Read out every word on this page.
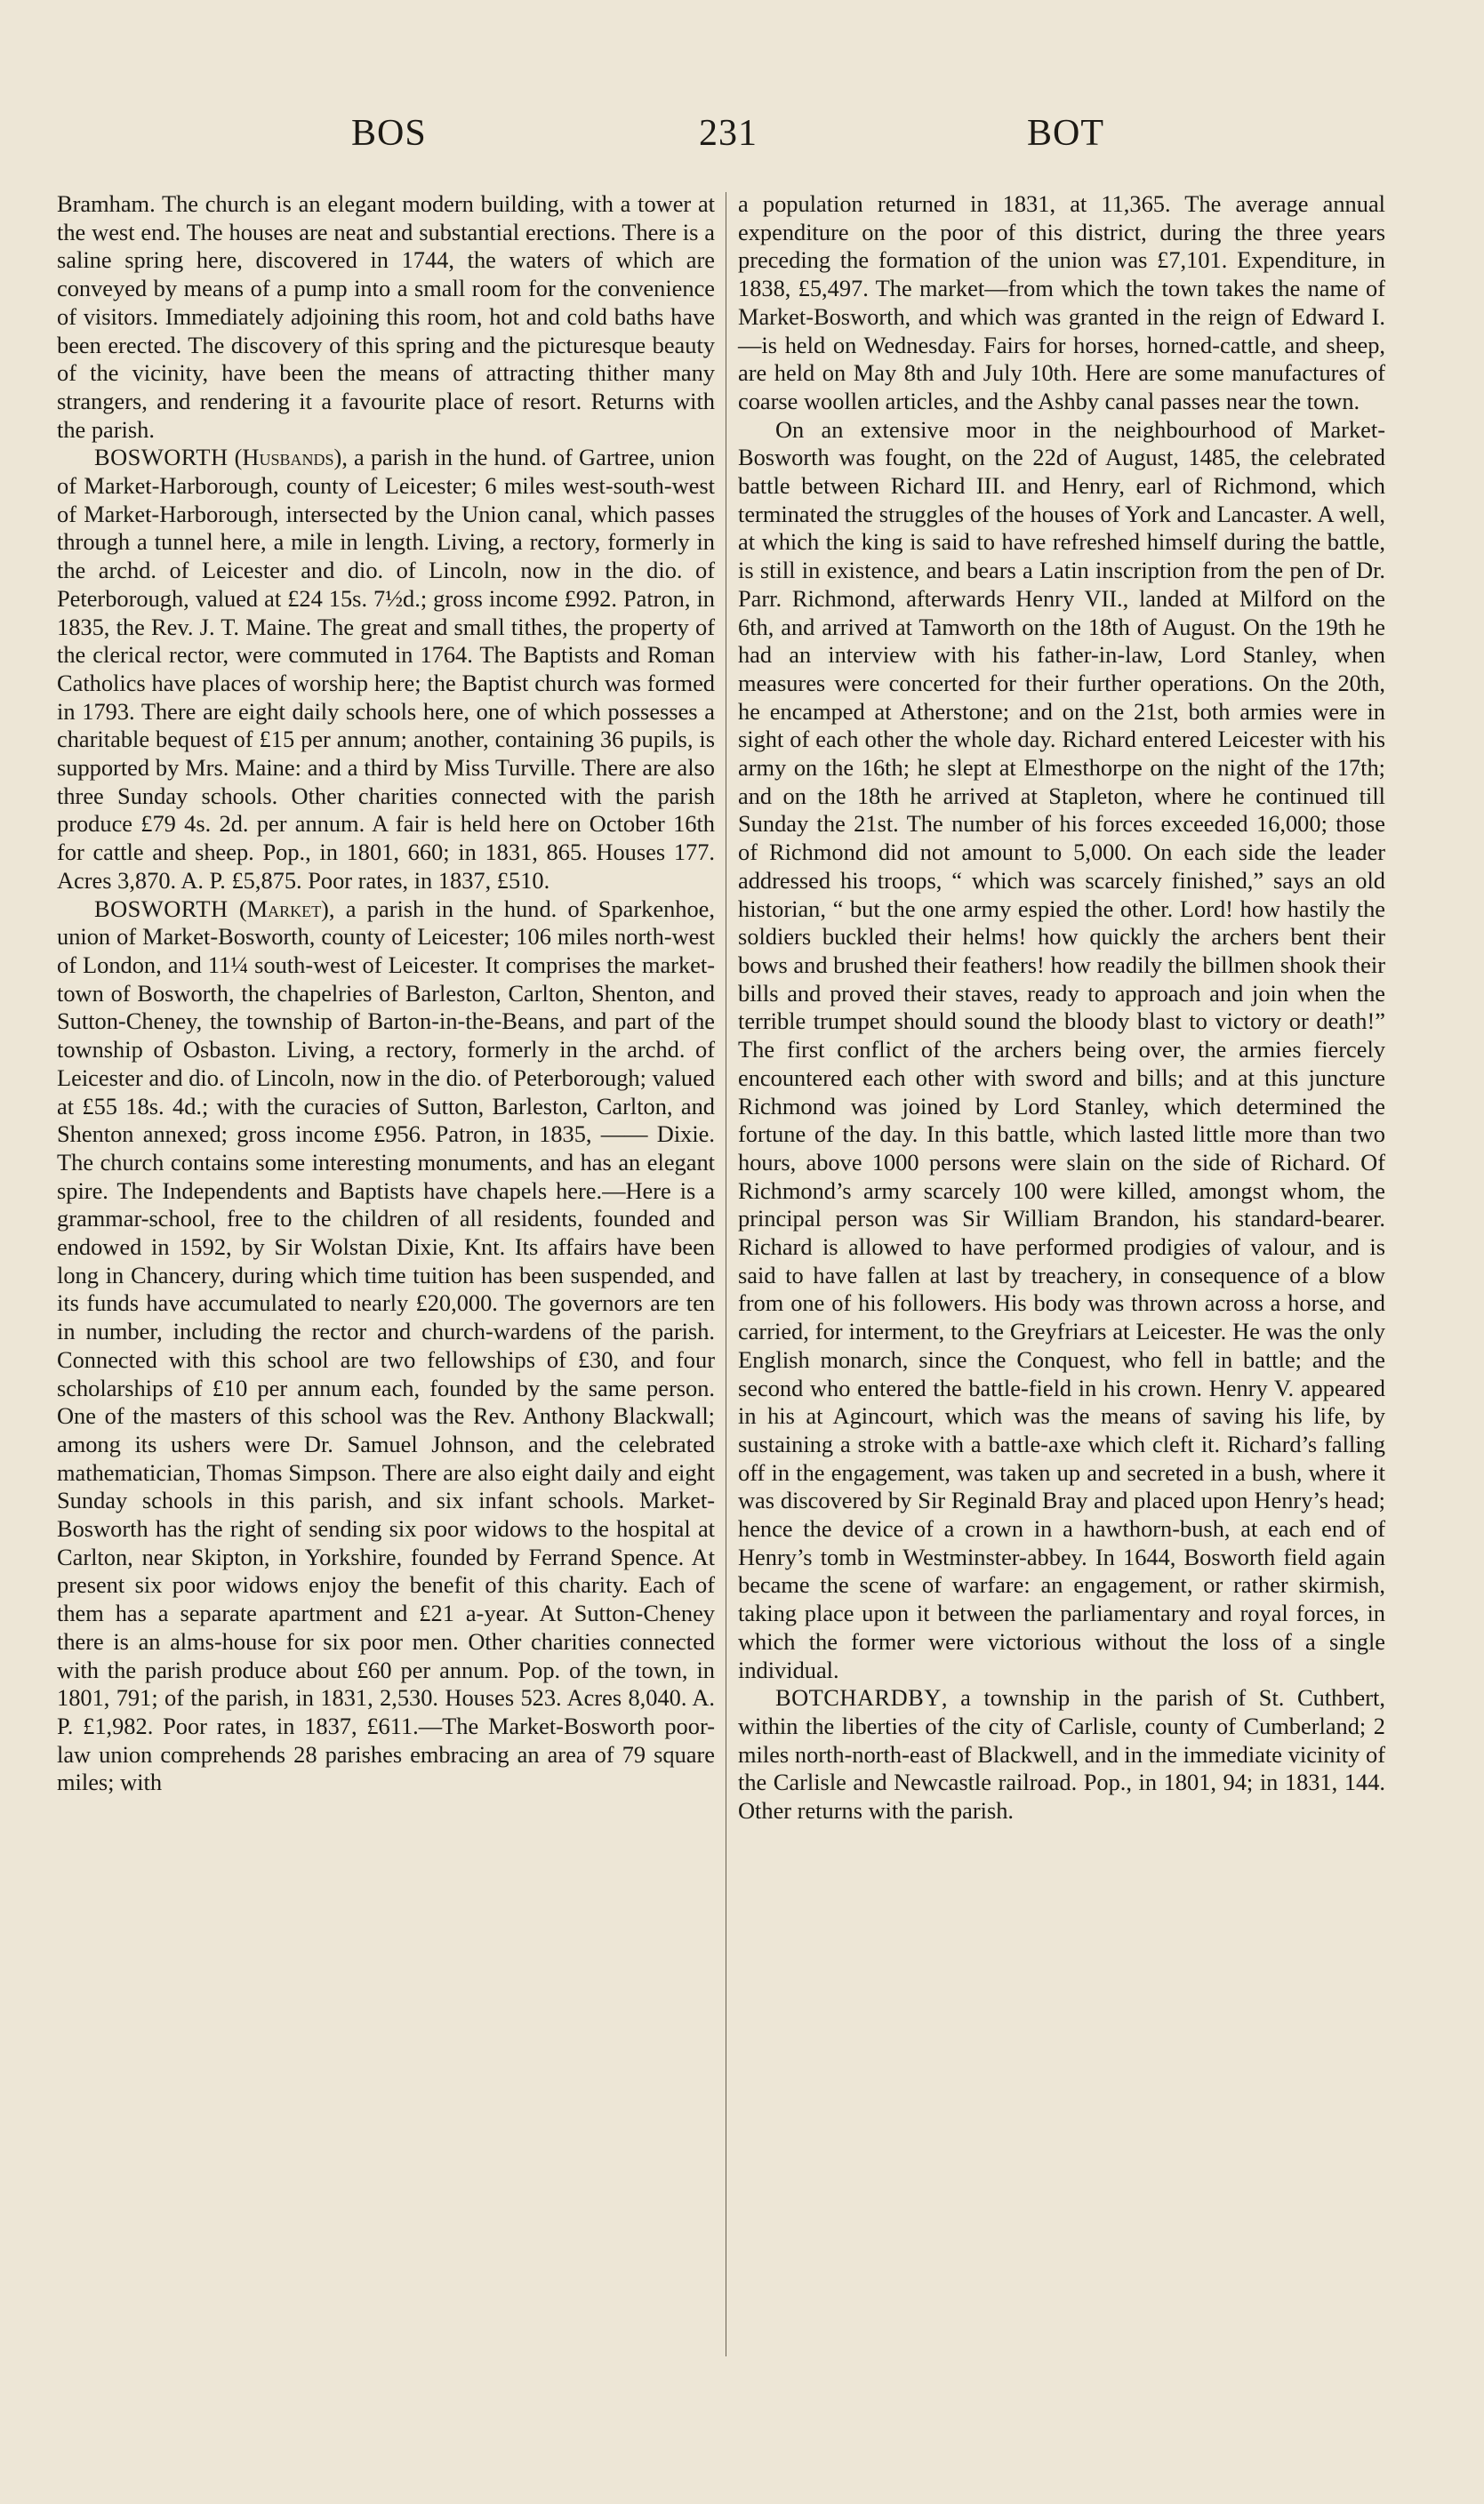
BOS	231	BOT

Bramham. The church is an elegant modern building, with a tower at the west end. The houses are neat and substantial erections. There is a saline spring here, discovered in 1744, the waters of which are conveyed by means of a pump into a small room for the convenience of visitors. Immediately adjoining this room, hot and cold baths have been erected. The discovery of this spring and the picturesque beauty of the vicinity, have been the means of attracting thither many strangers, and rendering it a favourite place of resort. Returns with the parish.

BOSWORTH (Husbands), a parish in the hund. of Gartree, union of Market-Harborough, county of Leicester; 6 miles west-south-west of Market-Harborough, intersected by the Union canal, which passes through a tunnel here, a mile in length. Living, a rectory, formerly in the archd. of Leicester and dio. of Lincoln, now in the dio. of Peterborough, valued at £24 15s. 7½d.; gross income £992. Patron, in 1835, the Rev. J. T. Maine. The great and small tithes, the property of the clerical rector, were commuted in 1764. The Baptists and Roman Catholics have places of worship here; the Baptist church was formed in 1793. There are eight daily schools here, one of which possesses a charitable bequest of £15 per annum; another, containing 36 pupils, is supported by Mrs. Maine: and a third by Miss Turville. There are also three Sunday schools. Other charities connected with the parish produce £79 4s. 2d. per annum. A fair is held here on October 16th for cattle and sheep. Pop., in 1801, 660; in 1831, 865. Houses 177. Acres 3,870. A. P. £5,875. Poor rates, in 1837, £510.

BOSWORTH (Market), a parish in the hund. of Sparkenhoe, union of Market-Bosworth, county of Leicester; 106 miles north-west of London, and 11¼ south-west of Leicester. It comprises the market-town of Bosworth, the chapelries of Barleston, Carlton, Shenton, and Sutton-Cheney, the township of Barton-in-the-Beans, and part of the township of Osbaston. Living, a rectory, formerly in the archd. of Leicester and dio. of Lincoln, now in the dio. of Peterborough; valued at £55 18s. 4d.; with the curacies of Sutton, Barleston, Carlton, and Shenton annexed; gross income £956. Patron, in 1835, ―― Dixie. The church contains some interesting monuments, and has an elegant spire. The Independents and Baptists have chapels here.—Here is a grammar-school, free to the children of all residents, founded and endowed in 1592, by Sir Wolstan Dixie, Knt. Its affairs have been long in Chancery, during which time tuition has been suspended, and its funds have accumulated to nearly £20,000. The governors are ten in number, including the rector and church-wardens of the parish. Connected with this school are two fellowships of £30, and four scholarships of £10 per annum each, founded by the same person. One of the masters of this school was the Rev. Anthony Blackwall; among its ushers were Dr. Samuel Johnson, and the celebrated mathematician, Thomas Simpson. There are also eight daily and eight Sunday schools in this parish, and six infant schools. Market-Bosworth has the right of sending six poor widows to the hospital at Carlton, near Skipton, in Yorkshire, founded by Ferrand Spence. At present six poor widows enjoy the benefit of this charity. Each of them has a separate apartment and £21 a-year. At Sutton-Cheney there is an alms-house for six poor men. Other charities connected with the parish produce about £60 per annum. Pop. of the town, in 1801, 791; of the parish, in 1831, 2,530. Houses 523. Acres 8,040. A. P. £1,982. Poor rates, in 1837, £611.—The Market-Bosworth poor-law union comprehends 28 parishes embracing an area of 79 square miles; with

a population returned in 1831, at 11,365. The average annual expenditure on the poor of this district, during the three years preceding the formation of the union was £7,101. Expenditure, in 1838, £5,497. The market—from which the town takes the name of Market-Bosworth, and which was granted in the reign of Edward I.—is held on Wednesday. Fairs for horses, horned-cattle, and sheep, are held on May 8th and July 10th. Here are some manufactures of coarse woollen articles, and the Ashby canal passes near the town.

On an extensive moor in the neighbourhood of Market-Bosworth was fought, on the 22d of August, 1485, the celebrated battle between Richard III. and Henry, earl of Richmond, which terminated the struggles of the houses of York and Lancaster. A well, at which the king is said to have refreshed himself during the battle, is still in existence, and bears a Latin inscription from the pen of Dr. Parr. Richmond, afterwards Henry VII., landed at Milford on the 6th, and arrived at Tamworth on the 18th of August. On the 19th he had an interview with his father-in-law, Lord Stanley, when measures were concerted for their further operations. On the 20th, he encamped at Atherstone; and on the 21st, both armies were in sight of each other the whole day. Richard entered Leicester with his army on the 16th; he slept at Elmesthorpe on the night of the 17th; and on the 18th he arrived at Stapleton, where he continued till Sunday the 21st. The number of his forces exceeded 16,000; those of Richmond did not amount to 5,000. On each side the leader addressed his troops, “ which was scarcely finished,” says an old historian, “ but the one army espied the other. Lord! how hastily the soldiers buckled their helms! how quickly the archers bent their bows and brushed their feathers! how readily the billmen shook their bills and proved their staves, ready to approach and join when the terrible trumpet should sound the bloody blast to victory or death!” The first conflict of the archers being over, the armies fiercely encountered each other with sword and bills; and at this juncture Richmond was joined by Lord Stanley, which determined the fortune of the day. In this battle, which lasted little more than two hours, above 1000 persons were slain on the side of Richard. Of Richmond’s army scarcely 100 were killed, amongst whom, the principal person was Sir William Brandon, his standard-bearer. Richard is allowed to have performed prodigies of valour, and is said to have fallen at last by treachery, in consequence of a blow from one of his followers. His body was thrown across a horse, and carried, for interment, to the Greyfriars at Leicester. He was the only English monarch, since the Conquest, who fell in battle; and the second who entered the battle-field in his crown. Henry V. appeared in his at Agincourt, which was the means of saving his life, by sustaining a stroke with a battle-axe which cleft it. Richard’s falling off in the engagement, was taken up and secreted in a bush, where it was discovered by Sir Reginald Bray and placed upon Henry’s head; hence the device of a crown in a hawthorn-bush, at each end of Henry’s tomb in Westminster-abbey. In 1644, Bosworth field again became the scene of warfare: an engagement, or rather skirmish, taking place upon it between the parliamentary and royal forces, in which the former were victorious without the loss of a single individual.

BOTCHARDBY, a township in the parish of St. Cuthbert, within the liberties of the city of Carlisle, county of Cumberland; 2 miles north-north-east of Blackwell, and in the immediate vicinity of the Carlisle and Newcastle railroad. Pop., in 1801, 94; in 1831, 144. Other returns with the parish.
